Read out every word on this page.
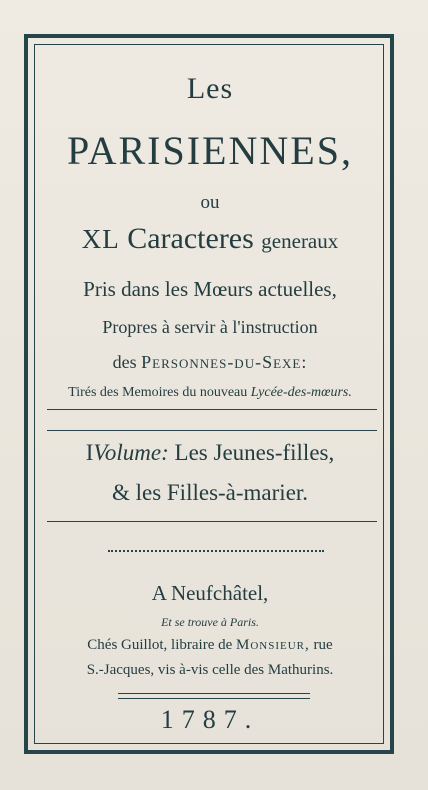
Les
PARISIENNES,
ou
XL Caracteres generaux
Pris dans les Mœurs actuelles,
Propres à servir à l'instruction
des Personnes-du-Sexe:
Tirés des Memoires du nouveau Lycée-des-mœurs.
IVolume: Les Jeunes-filles,
& les Filles-à-marier.
A Neufchâtel,
Et se trouve à Paris.
Chés Guillot, libraire de Monsieur, rue
S.-Jacques, vis à-vis celle des Mathurins.
1787.
